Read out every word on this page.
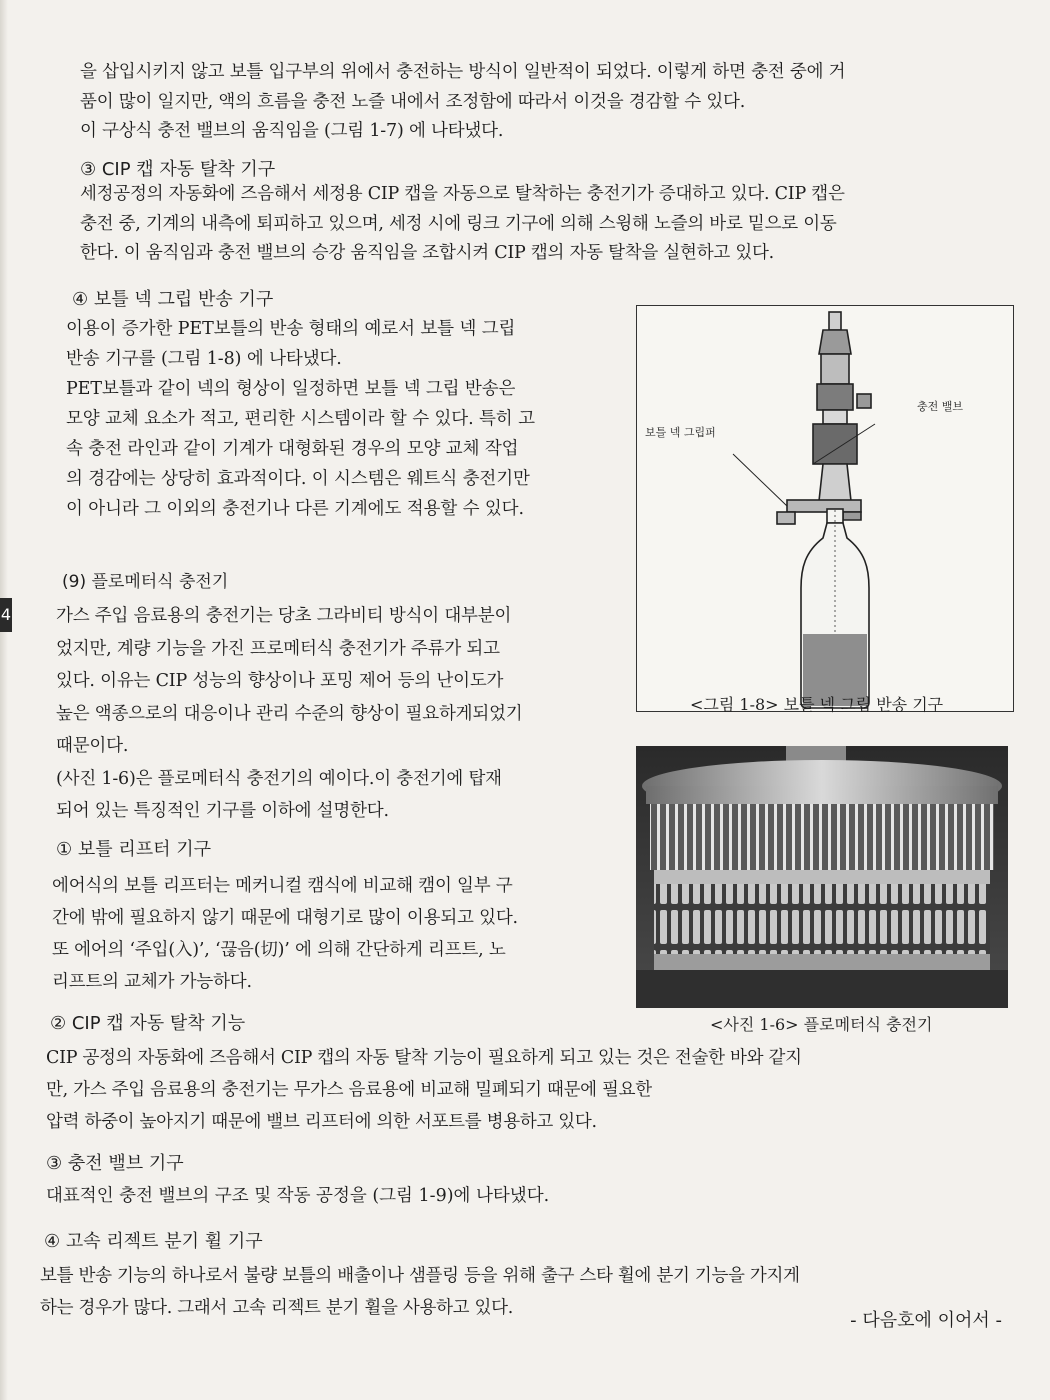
4

을 삽입시키지 않고 보틀 입구부의 위에서 충전하는 방식이 일반적이 되었다. 이렇게 하면 충전 중에 거

품이 많이 일지만, 액의 흐름을 충전 노즐 내에서 조정함에 따라서 이것을 경감할 수 있다.

이 구상식 충전 밸브의 움직임을 (그림 1-7) 에 나타냈다.

③ CIP 캡 자동 탈착 기구

세정공정의 자동화에 즈음해서 세정용 CIP 캡을 자동으로 탈착하는 충전기가 증대하고 있다. CIP 캡은

충전 중, 기계의 내측에 퇴피하고 있으며, 세정 시에 링크 기구에 의해 스윙해 노즐의 바로 밑으로 이동

한다. 이 움직임과 충전 밸브의 승강 움직임을 조합시켜 CIP 캡의 자동 탈착을 실현하고 있다.

④ 보틀 넥 그립 반송 기구

이용이 증가한 PET보틀의 반송 형태의 예로서 보틀 넥 그립

반송 기구를 (그림 1-8) 에 나타냈다.

PET보틀과 같이 넥의 형상이 일정하면 보틀 넥 그립 반송은

모양 교체 요소가 적고, 편리한 시스템이라 할 수 있다. 특히 고

속 충전 라인과 같이 기계가 대형화된 경우의 모양 교체 작업

의 경감에는 상당히 효과적이다. 이 시스템은 웨트식 충전기만

이 아니라 그 이외의 충전기나 다른 기계에도 적용할 수 있다.

충전 밸브
보틀 넥 그립퍼

<그림 1-8> 보틀 넥 그립 반송 기구

(9) 플로메터식 충전기

가스 주입 음료용의 충전기는 당초 그라비티 방식이 대부분이

었지만, 계량 기능을 가진 프로메터식 충전기가 주류가 되고

있다. 이유는 CIP 성능의 향상이나 포밍 제어 등의 난이도가

높은 액종으로의 대응이나 관리 수준의 향상이 필요하게되었기

때문이다.

(사진 1-6)은 플로메터식 충전기의 예이다.이 충전기에 탑재

되어 있는 특징적인 기구를 이하에 설명한다.

<사진 1-6> 플로메터식 충전기

① 보틀 리프터 기구

에어식의 보틀 리프터는 메커니컬 캠식에 비교해 캠이 일부 구

간에 밖에 필요하지 않기 때문에 대형기로 많이 이용되고 있다.

또 에어의 ‘주입(入)’, ‘끊음(切)’ 에 의해 간단하게 리프트, 노

리프트의 교체가 가능하다.

② CIP 캡 자동 탈착 기능

CIP 공정의 자동화에 즈음해서 CIP 캡의 자동 탈착 기능이 필요하게 되고 있는 것은 전술한 바와 같지

만, 가스 주입 음료용의 충전기는 무가스 음료용에 비교해 밀폐되기 때문에 필요한

압력 하중이 높아지기 때문에 밸브 리프터에 의한 서포트를 병용하고 있다.

③ 충전 밸브 기구

대표적인 충전 밸브의 구조 및 작동 공정을 (그림 1-9)에 나타냈다.

④ 고속 리젝트 분기 휠 기구

보틀 반송 기능의 하나로서 불량 보틀의 배출이나 샘플링 등을 위해 출구 스타 휠에 분기 기능을 가지게

하는 경우가 많다. 그래서 고속 리젝트 분기 휠을 사용하고 있다.

- 다음호에 이어서 -
